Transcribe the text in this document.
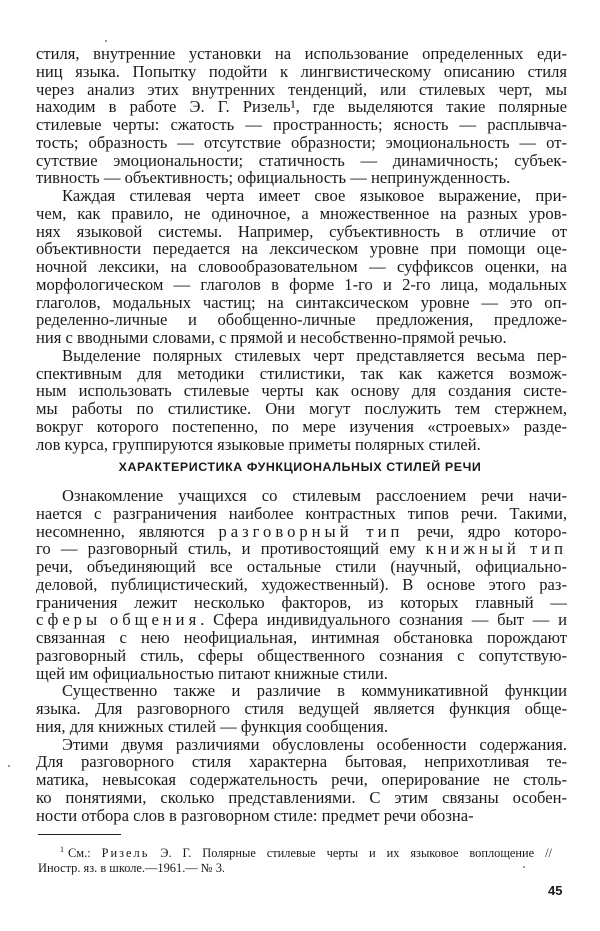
стиля, внутренние установки на использование определенных еди-
ниц языка. Попытку подойти к лингвистическому описанию стиля
через анализ этих внутренних тенденций, или стилевых черт, мы
находим в работе Э. Г. Ризель¹, где выделяются такие полярные
стилевые черты: сжатость — пространность; ясность — расплывча-
тость; образность — отсутствие образности; эмоциональность — от-
сутствие эмоциональности; статичность — динамичность; субъек-
тивность — объективность; официальность — непринужденность.
Каждая стилевая черта имеет свое языковое выражение, при-
чем, как правило, не одиночное, а множественное на разных уров-
нях языковой системы. Например, субъективность в отличие от
объективности передается на лексическом уровне при помощи оце-
ночной лексики, на словообразовательном — суффиксов оценки, на
морфологическом — глаголов в форме 1-го и 2-го лица, модальных
глаголов, модальных частиц; на синтаксическом уровне — это оп-
ределенно-личные и обобщенно-личные предложения, предложе-
ния с вводными словами, с прямой и несобственно-прямой речью.
Выделение полярных стилевых черт представляется весьма пер-
спективным для методики стилистики, так как кажется возмож-
ным использовать стилевые черты как основу для создания систе-
мы работы по стилистике. Они могут послужить тем стержнем,
вокруг которого постепенно, по мере изучения «строевых» разде-
лов курса, группируются языковые приметы полярных стилей.
ХАРАКТЕРИСТИКА ФУНКЦИОНАЛЬНЫХ СТИЛЕЙ РЕЧИ
Ознакомление учащихся со стилевым расслоением речи начи-
нается с разграничения наиболее контрастных типов речи. Такими,
несомненно, являются разговорный тип речи, ядро которо-
го — разговорный стиль, и противостоящий ему книжный тип
речи, объединяющий все остальные стили (научный, официально-
деловой, публицистический, художественный). В основе этого раз-
граничения лежит несколько факторов, из которых главный —
сферы общения. Сфера индивидуального сознания — быт — и
связанная с нею неофициальная, интимная обстановка порождают
разговорный стиль, сферы общественного сознания с сопутствую-
щей им официальностью питают книжные стили.
Существенно также и различие в коммуникативной функции
языка. Для разговорного стиля ведущей является функция обще-
ния, для книжных стилей — функция сообщения.
Этими двумя различиями обусловлены особенности содержания.
Для разговорного стиля характерна бытовая, неприхотливая те-
матика, невысокая содержательность речи, оперирование не столь-
ко понятиями, сколько представлениями. С этим связаны особен-
ности отбора слов в разговорном стиле: предмет речи обозна-
$^1$ См.: Ризель Э. Г. Полярные стилевые черты и их языковое воплощение //
Иностр. яз. в школе.—1961.— № 3.
45
